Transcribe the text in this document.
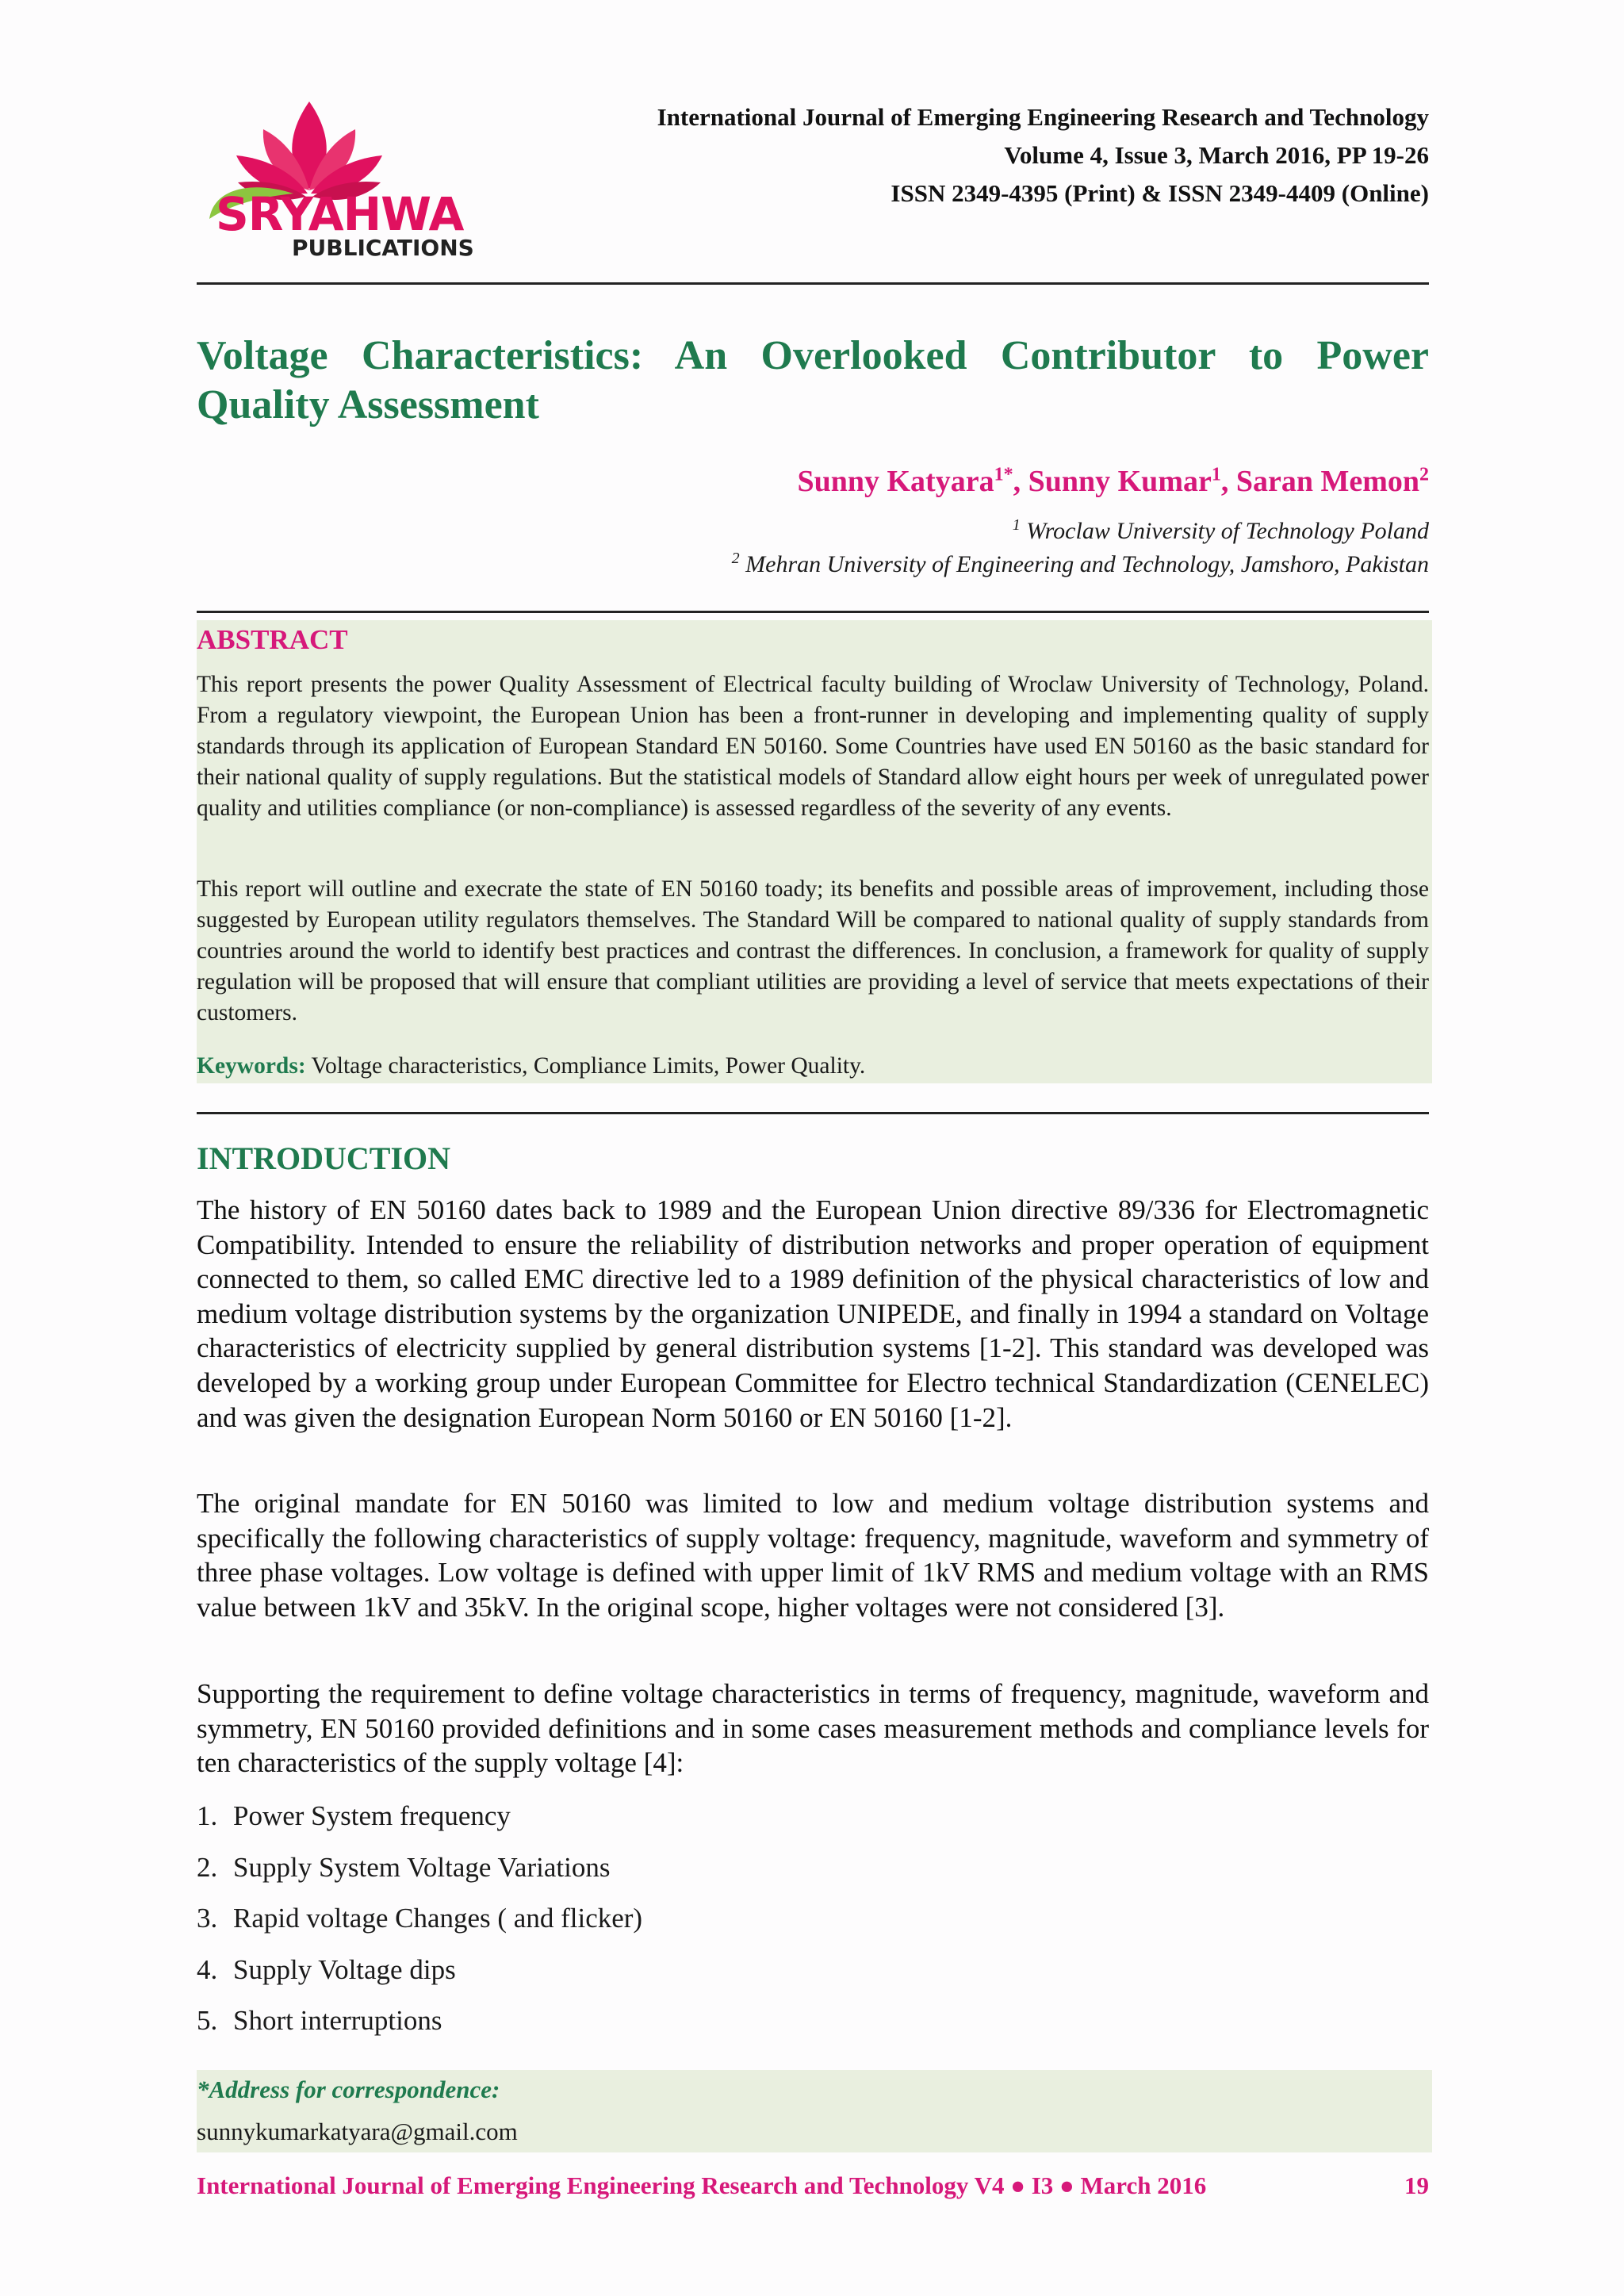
SRYAHWA
PUBLICATIONS
International Journal of Emerging Engineering Research and Technology
Volume 4, Issue 3, March 2016, PP 19-26
ISSN 2349-4395 (Print) & ISSN 2349-4409 (Online)
Voltage Characteristics: An Overlooked Contributor to Power Quality Assessment
Sunny Katyara$^{1*}$, Sunny Kumar$^1$, Saran Memon$^2$
$^1$ Wroclaw University of Technology Poland
$^2$ Mehran University of Engineering and Technology, Jamshoro, Pakistan
ABSTRACT

This report presents the power Quality Assessment of Electrical faculty building of Wroclaw University of Technology, Poland. From a regulatory viewpoint, the European Union has been a front-runner in developing and implementing quality of supply standards through its application of European Standard EN 50160. Some Countries have used EN 50160 as the basic standard for their national quality of supply regulations. But the statistical models of Standard allow eight hours per week of unregulated power quality and utilities compliance (or non-compliance) is assessed regardless of the severity of any events.

This report will outline and execrate the state of EN 50160 toady; its benefits and possible areas of improvement, including those suggested by European utility regulators themselves. The Standard Will be compared to national quality of supply standards from countries around the world to identify best practices and contrast the differences. In conclusion, a framework for quality of supply regulation will be proposed that will ensure that compliant utilities are providing a level of service that meets expectations of their customers.

Keywords: Voltage characteristics, Compliance Limits, Power Quality.
INTRODUCTION

The history of EN 50160 dates back to 1989 and the European Union directive 89/336 for Electromagnetic Compatibility. Intended to ensure the reliability of distribution networks and proper operation of equipment connected to them, so called EMC directive led to a 1989 definition of the physical characteristics of low and medium voltage distribution systems by the organization UNIPEDE, and finally in 1994 a standard on Voltage characteristics of electricity supplied by general distribution systems [1-2]. This standard was developed was developed by a working group under European Committee for Electro technical Standardization (CENELEC) and was given the designation European Norm 50160 or EN 50160 [1-2].

The original mandate for EN 50160 was limited to low and medium voltage distribution systems and specifically the following characteristics of supply voltage: frequency, magnitude, waveform and symmetry of three phase voltages. Low voltage is defined with upper limit of 1kV RMS and medium voltage with an RMS value between 1kV and 35kV. In the original scope, higher voltages were not considered [3].

Supporting the requirement to define voltage characteristics in terms of frequency, magnitude, waveform and symmetry, EN 50160 provided definitions and in some cases measurement methods and compliance levels for ten characteristics of the supply voltage [4]:

1. Power System frequency
2. Supply System Voltage Variations
3. Rapid voltage Changes ( and flicker)
4. Supply Voltage dips
5. Short interruptions
*Address for correspondence:
sunnykumarkatyara@gmail.com
International Journal of Emerging Engineering Research and Technology V4 ● I3 ● March 2016	19
